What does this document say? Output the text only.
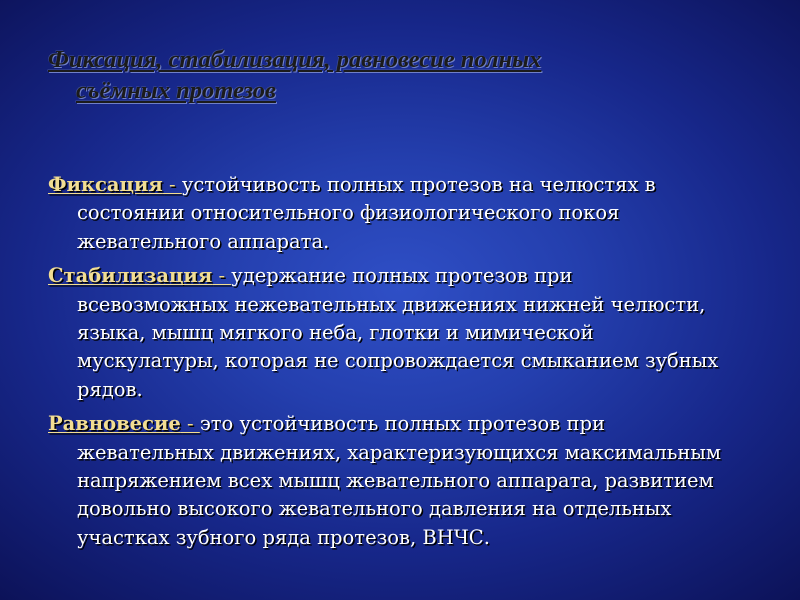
Фиксация, стабилизация, равновесие полных
съёмных протезов

Фиксация - устойчивость полных протезов на челюстях в
состоянии относительного физиологического покоя
жевательного аппарата.

Стабилизация - удержание полных протезов при
всевозможных нежевательных движениях нижней челюсти,
языка, мышц мягкого неба, глотки и мимической
мускулатуры, которая не сопровождается смыканием зубных
рядов.

Равновесие - это устойчивость полных протезов при
жевательных движениях, характеризующихся максимальным
напряжением всех мышц жевательного аппарата, развитием
довольно высокого жевательного давления на отдельных
участках зубного ряда протезов, ВНЧС.
